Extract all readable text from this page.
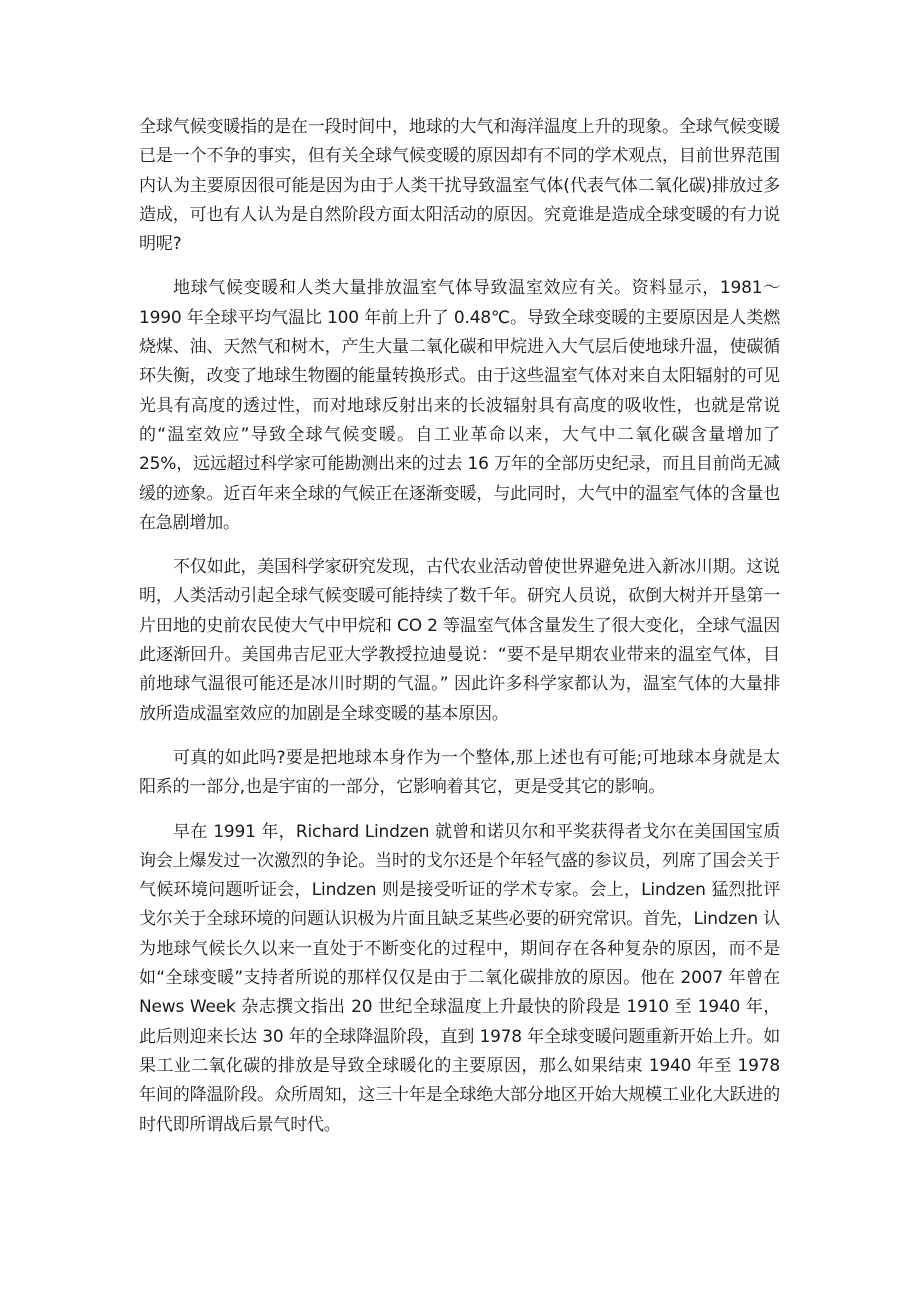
全球气候变暖指的是在一段时间中，地球的大气和海洋温度上升的现象。全球气候变暖已是一个不争的事实，但有关全球气候变暖的原因却有不同的学术观点，目前世界范围内认为主要原因很可能是因为由于人类干扰导致温室气体(代表气体二氧化碳)排放过多造成，可也有人认为是自然阶段方面太阳活动的原因。究竟谁是造成全球变暖的有力说明呢?

地球气候变暖和人类大量排放温室气体导致温室效应有关。资料显示，1981～1990 年全球平均气温比 100 年前上升了 0.48℃。导致全球变暖的主要原因是人类燃烧煤、油、天然气和树木，产生大量二氧化碳和甲烷进入大气层后使地球升温，使碳循环失衡，改变了地球生物圈的能量转换形式。由于这些温室气体对来自太阳辐射的可见光具有高度的透过性，而对地球反射出来的长波辐射具有高度的吸收性，也就是常说的“温室效应”导致全球气候变暖。自工业革命以来，大气中二氧化碳含量增加了 25%，远远超过科学家可能勘测出来的过去 16 万年的全部历史纪录，而且目前尚无减缓的迹象。近百年来全球的气候正在逐渐变暖，与此同时，大气中的温室气体的含量也在急剧增加。

不仅如此，美国科学家研究发现，古代农业活动曾使世界避免进入新冰川期。这说明，人类活动引起全球气候变暖可能持续了数千年。研究人员说，砍倒大树并开垦第一片田地的史前农民使大气中甲烷和 CO 2 等温室气体含量发生了很大变化，全球气温因此逐渐回升。美国弗吉尼亚大学教授拉迪曼说：“要不是早期农业带来的温室气体，目前地球气温很可能还是冰川时期的气温。” 因此许多科学家都认为，温室气体的大量排放所造成温室效应的加剧是全球变暖的基本原因。

可真的如此吗?要是把地球本身作为一个整体,那上述也有可能;可地球本身就是太阳系的一部分,也是宇宙的一部分，它影响着其它，更是受其它的影响。

早在 1991 年，Richard Lindzen 就曾和诺贝尔和平奖获得者戈尔在美国国宝质询会上爆发过一次激烈的争论。当时的戈尔还是个年轻气盛的参议员，列席了国会关于气候环境问题听证会，Lindzen 则是接受听证的学术专家。会上，Lindzen 猛烈批评戈尔关于全球环境的问题认识极为片面且缺乏某些必要的研究常识。首先，Lindzen 认为地球气候长久以来一直处于不断变化的过程中，期间存在各种复杂的原因，而不是如“全球变暖”支持者所说的那样仅仅是由于二氧化碳排放的原因。他在 2007 年曾在 News Week 杂志撰文指出 20 世纪全球温度上升最快的阶段是 1910 至 1940 年，此后则迎来长达 30 年的全球降温阶段，直到 1978 年全球变暖问题重新开始上升。如果工业二氧化碳的排放是导致全球暖化的主要原因，那么如果结束 1940 年至 1978 年间的降温阶段。众所周知，这三十年是全球绝大部分地区开始大规模工业化大跃进的时代即所谓战后景气时代。
